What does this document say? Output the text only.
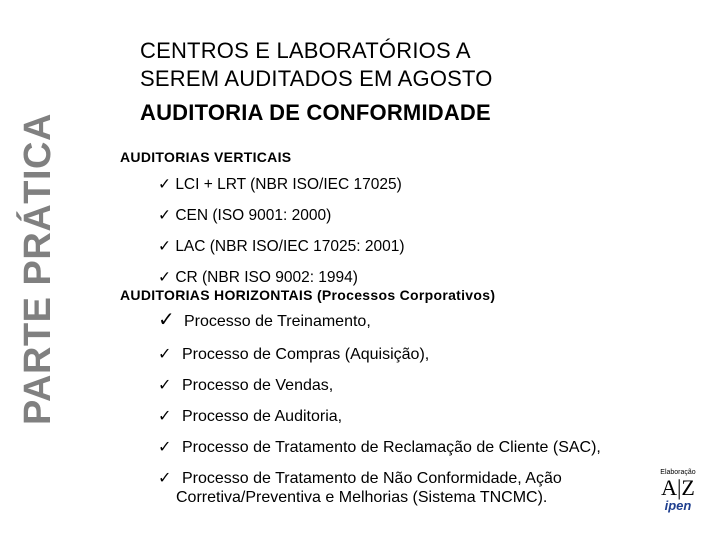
PARTE PRÁTICA
CENTROS E LABORATÓRIOS A
SEREM AUDITADOS EM AGOSTO
AUDITORIA DE CONFORMIDADE
AUDITORIAS VERTICAIS
✓ LCI + LRT (NBR ISO/IEC 17025)
✓ CEN (ISO 9001: 2000)
✓ LAC (NBR ISO/IEC 17025: 2001)
✓ CR (NBR ISO 9002: 1994)
AUDITORIAS HORIZONTAIS (Processos Corporativos)
✓ Processo de Treinamento,
✓ Processo de Compras (Aquisição),
✓ Processo de Vendas,
✓ Processo de Auditoria,
✓ Processo de Tratamento de Reclamação de Cliente (SAC),
✓ Processo de Tratamento de Não Conformidade, Ação
Corretiva/Preventiva e Melhorias (Sistema TNCMC).
Elaboração
A|Z
ipen
